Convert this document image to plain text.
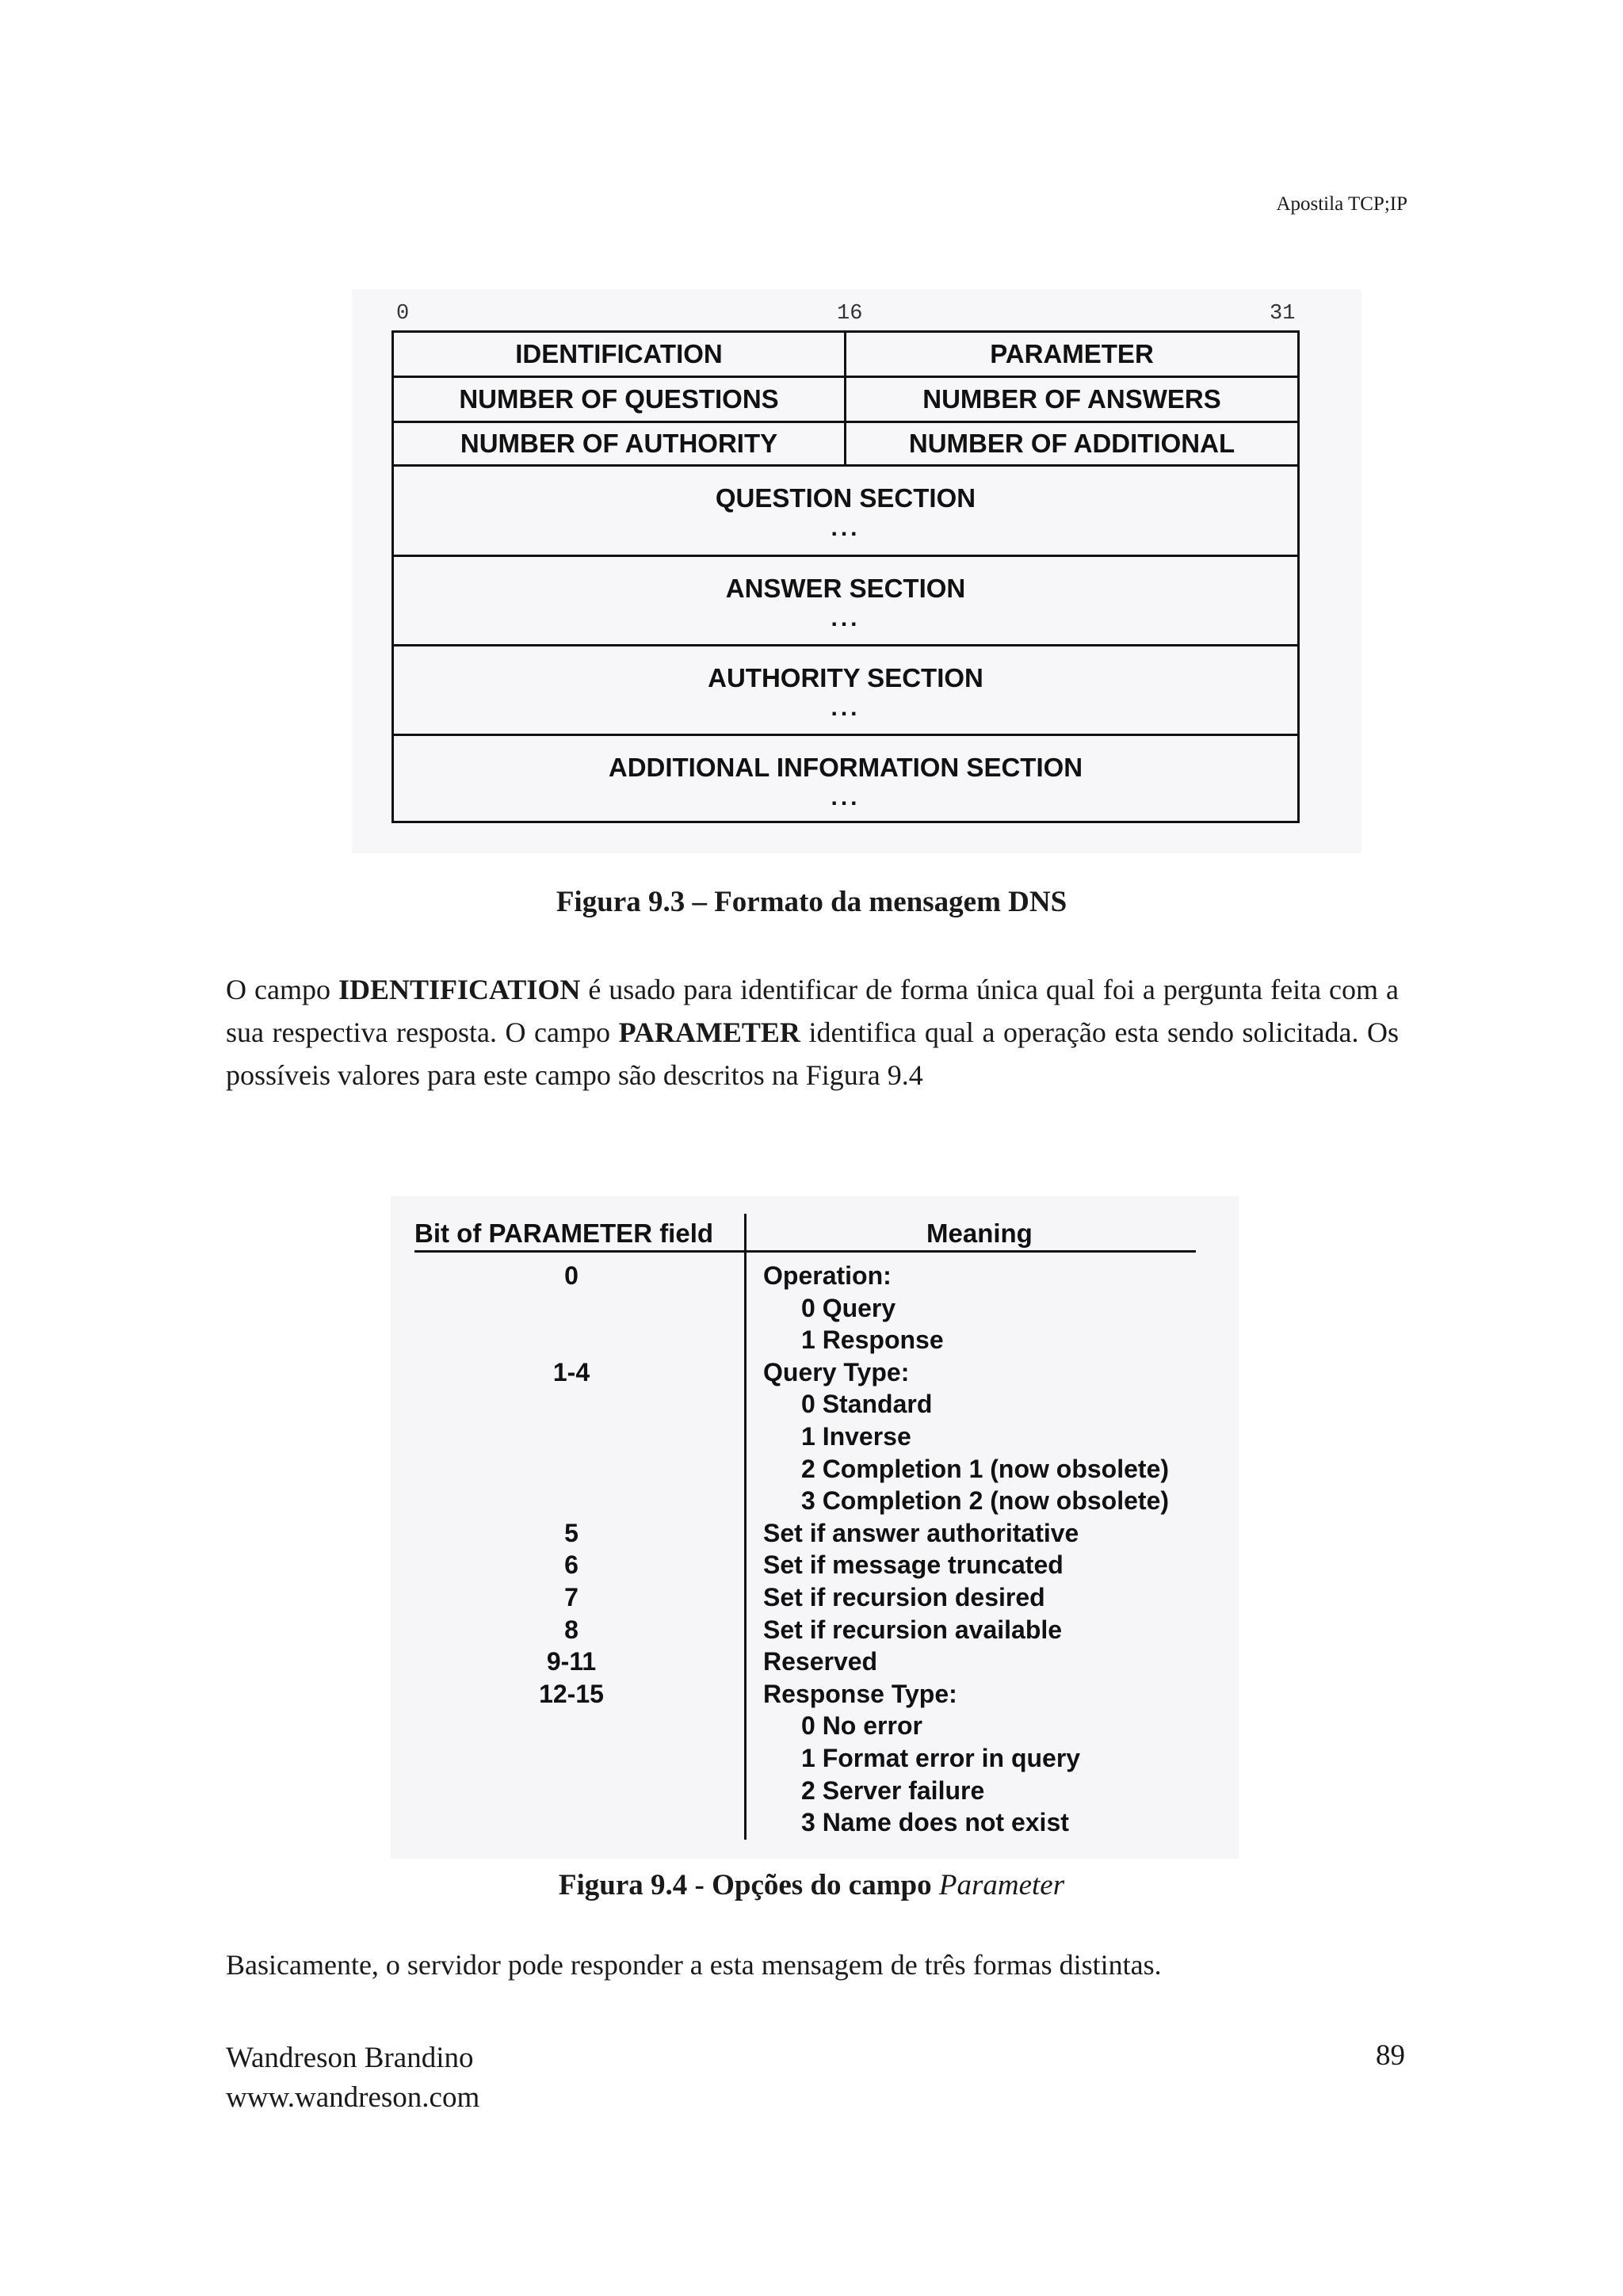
Apostila TCP;IP
0	16	31
IDENTIFICATION	PARAMETER
NUMBER OF QUESTIONS	NUMBER OF ANSWERS
NUMBER OF AUTHORITY	NUMBER OF ADDITIONAL
QUESTION SECTION
...
ANSWER SECTION
...
AUTHORITY SECTION
...
ADDITIONAL INFORMATION SECTION
...
Figura 9.3 – Formato da mensagem DNS
O campo IDENTIFICATION é usado para identificar de forma única qual foi a pergunta feita com a sua respectiva resposta. O campo PARAMETER identifica qual a operação esta sendo solicitada. Os possíveis valores para este campo são descritos na Figura 9.4
Bit of PARAMETER field	Meaning
0	Operation:
0 Query
1 Response
1-4	Query Type:
0 Standard
1 Inverse
2 Completion 1 (now obsolete)
3 Completion 2 (now obsolete)
5	Set if answer authoritative
6	Set if message truncated
7	Set if recursion desired
8	Set if recursion available
9-11	Reserved
12-15	Response Type:
0 No error
1 Format error in query
2 Server failure
3 Name does not exist
Figura 9.4 - Opções do campo Parameter
Basicamente, o servidor pode responder a esta mensagem de três formas distintas.
Wandreson Brandino
www.wandreson.com
89
